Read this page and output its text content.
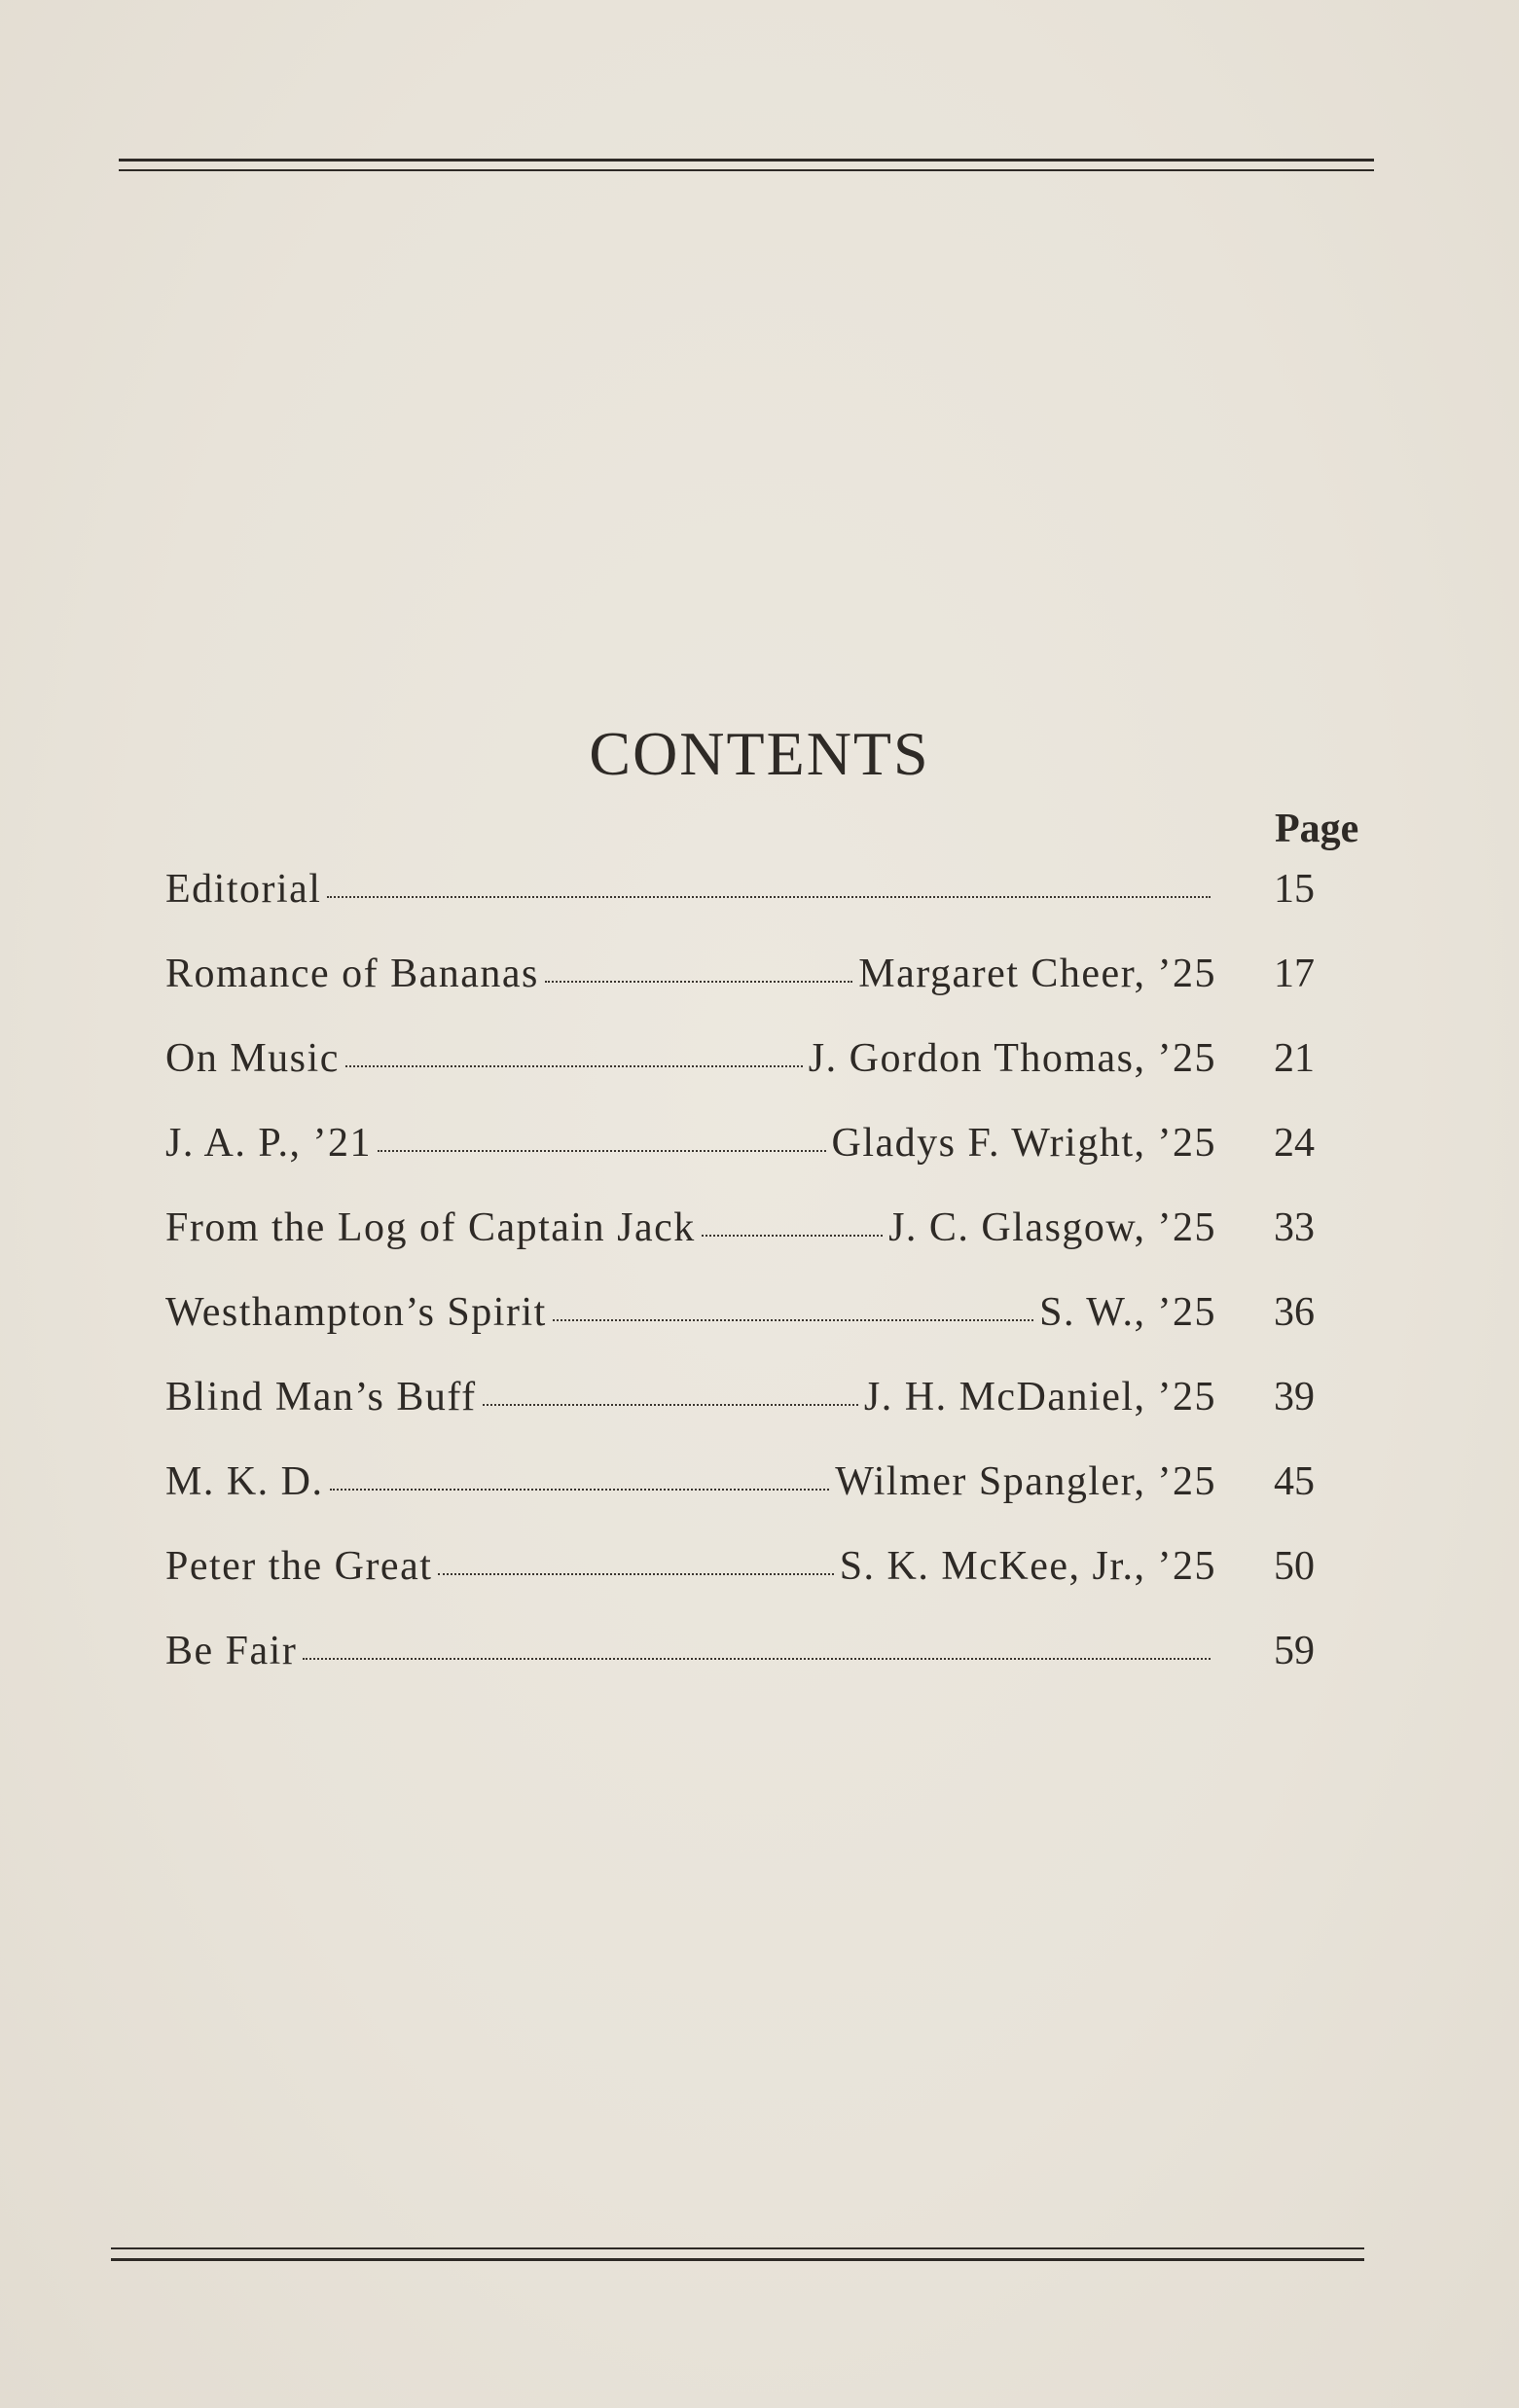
CONTENTS
Page
Editorial	15
Romance of Bananas	Margaret Cheer, ’25	17
On Music	J. Gordon Thomas, ’25	21
J. A. P., ’21	Gladys F. Wright, ’25	24
From the Log of Captain Jack	J. C. Glasgow, ’25	33
Westhampton’s Spirit	S. W., ’25	36
Blind Man’s Buff	J. H. McDaniel, ’25	39
M. K. D.	Wilmer Spangler, ’25	45
Peter the Great	S. K. McKee, Jr., ’25	50
Be Fair	59
